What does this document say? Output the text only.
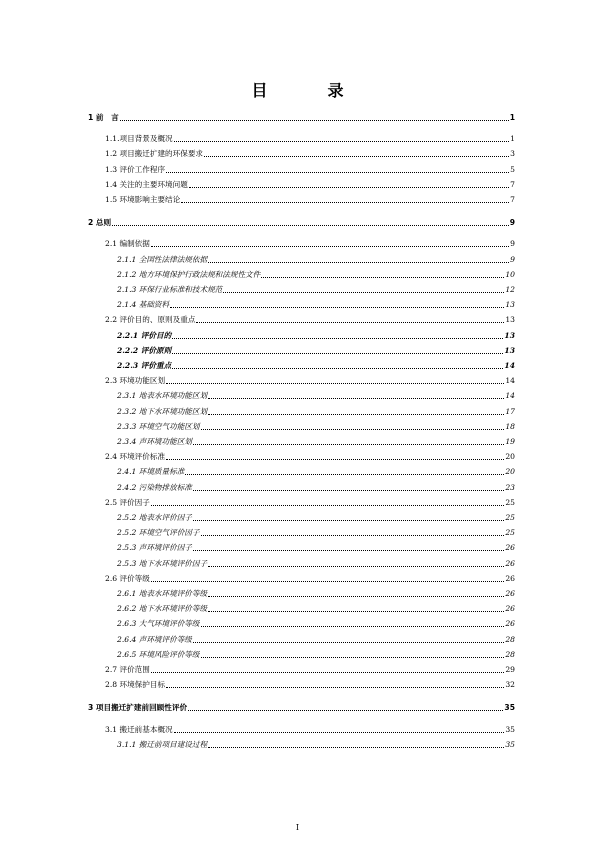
目　录
1 前　言	1
1.1.项目背景及概况	1
1.2 项目搬迁扩建的环保要求	3
1.3 评价工作程序	5
1.4 关注的主要环境问题	7
1.5 环境影响主要结论	7
2 总则	9
2.1 编制依据	9
2.1.1 全国性法律法规依据	9
2.1.2 地方环境保护行政法规和法规性文件	10
2.1.3 环保行业标准和技术规范	12
2.1.4 基础资料	13
2.2 评价目的、原则及重点	13
2.2.1 评价目的	13
2.2.2 评价原则	13
2.2.3 评价重点	14
2.3 环境功能区划	14
2.3.1 地表水环境功能区划	14
2.3.2 地下水环境功能区划	17
2.3.3 环境空气功能区划	18
2.3.4 声环境功能区划	19
2.4 环境评价标准	20
2.4.1 环境质量标准	20
2.4.2 污染物排放标准	23
2.5 评价因子	25
2.5.2 地表水评价因子	25
2.5.2 环境空气评价因子	25
2.5.3 声环境评价因子	26
2.5.3 地下水环境评价因子	26
2.6 评价等级	26
2.6.1 地表水环境评价等级	26
2.6.2 地下水环境评价等级	26
2.6.3 大气环境评价等级	26
2.6.4 声环境评价等级	28
2.6.5 环境风险评价等级	28
2.7 评价范围	29
2.8 环境保护目标	32
3 项目搬迁扩建前回顾性评价	35
3.1 搬迁前基本概况	35
3.1.1 搬迁前项目建设过程	35
I
